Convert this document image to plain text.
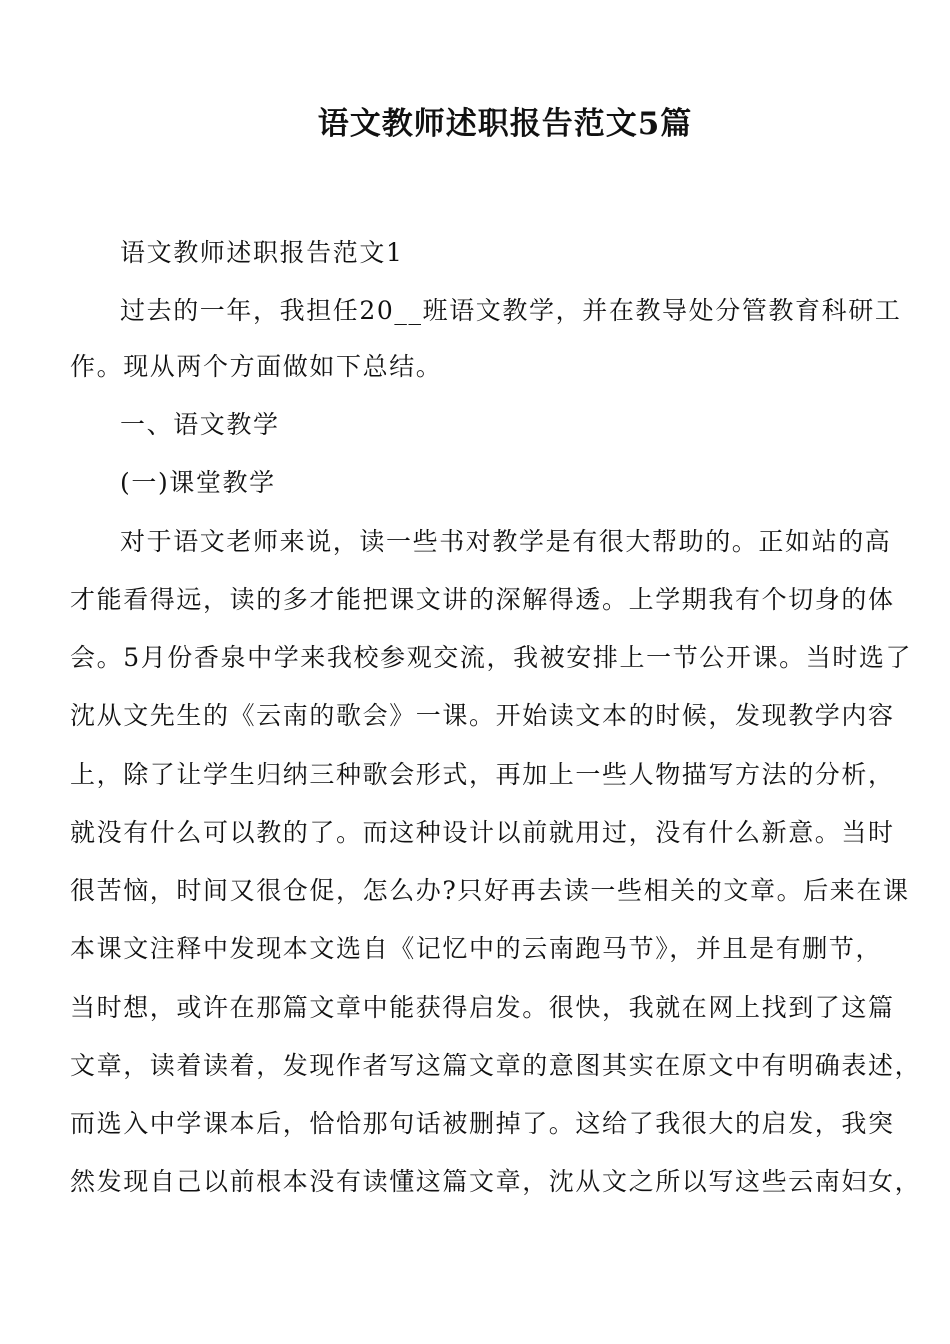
语文教师述职报告范文5篇
语文教师述职报告范文1
过去的一年，我担任20__班语文教学，并在教导处分管教育科研工
作。现从两个方面做如下总结。
一、语文教学
(一)课堂教学
对于语文老师来说，读一些书对教学是有很大帮助的。正如站的高
才能看得远，读的多才能把课文讲的深解得透。上学期我有个切身的体
会。5月份香泉中学来我校参观交流，我被安排上一节公开课。当时选了
沈从文先生的《云南的歌会》一课。开始读文本的时候，发现教学内容
上，除了让学生归纳三种歌会形式，再加上一些人物描写方法的分析，
就没有什么可以教的了。而这种设计以前就用过，没有什么新意。当时
很苦恼，时间又很仓促，怎么办?只好再去读一些相关的文章。后来在课
本课文注释中发现本文选自《记忆中的云南跑马节》，并且是有删节，
当时想，或许在那篇文章中能获得启发。很快，我就在网上找到了这篇
文章，读着读着，发现作者写这篇文章的意图其实在原文中有明确表述，
而选入中学课本后，恰恰那句话被删掉了。这给了我很大的启发，我突
然发现自己以前根本没有读懂这篇文章，沈从文之所以写这些云南妇女，
